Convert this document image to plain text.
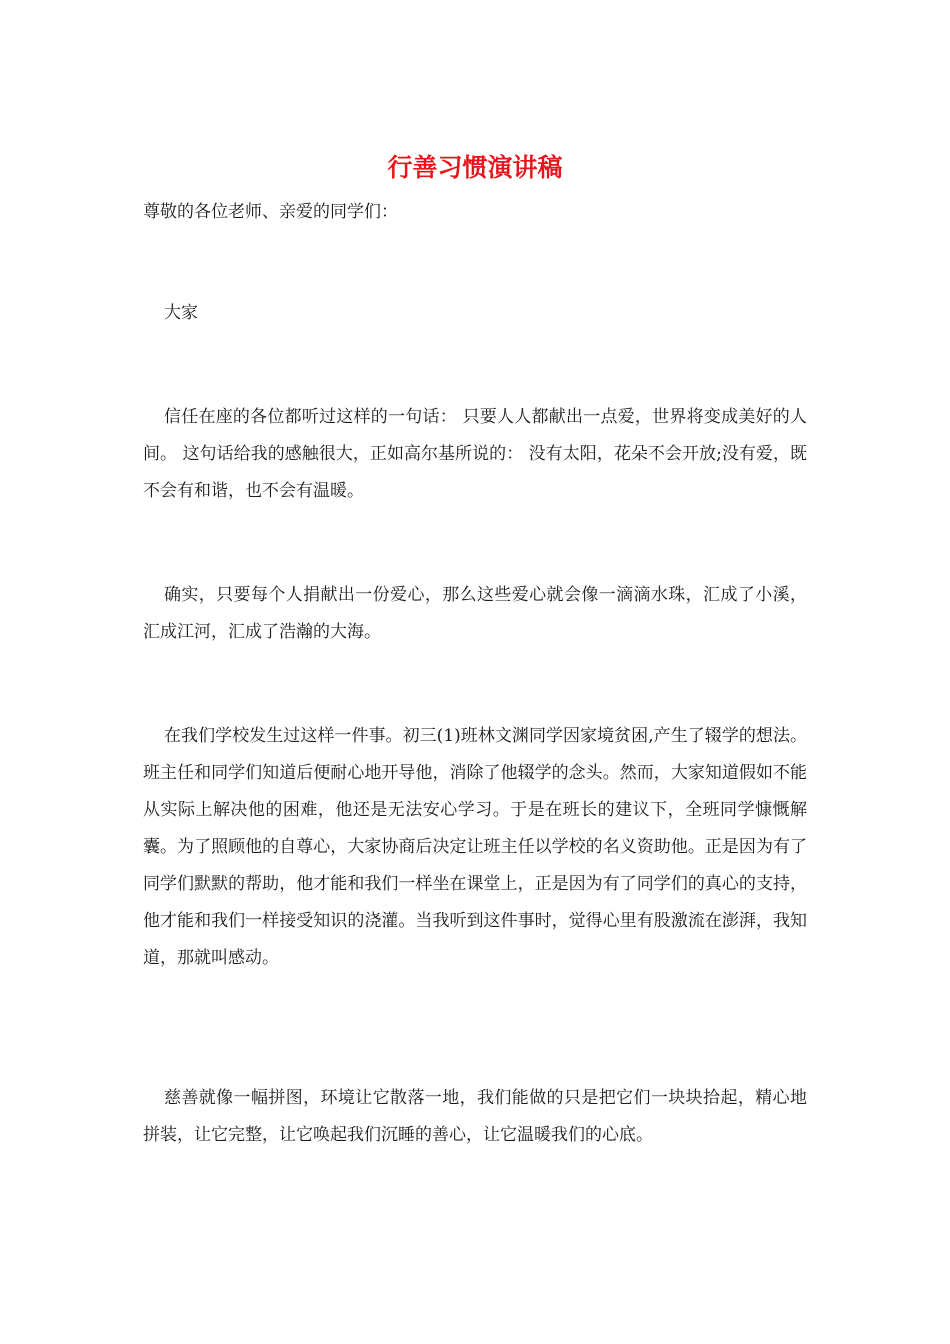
行善习惯演讲稿
尊敬的各位老师、亲爱的同学们：

大家

信任在座的各位都听过这样的一句话： 只要人人都献出一点爱，世界将变成美好的人间。 这句话给我的感触很大，正如高尔基所说的： 没有太阳，花朵不会开放;没有爱，既不会有和谐，也不会有温暖。

确实，只要每个人捐献出一份爱心，那么这些爱心就会像一滴滴水珠，汇成了小溪，汇成江河，汇成了浩瀚的大海。

在我们学校发生过这样一件事。初三(1)班林文渊同学因家境贫困,产生了辍学的想法。班主任和同学们知道后便耐心地开导他，消除了他辍学的念头。然而，大家知道假如不能从实际上解决他的困难，他还是无法安心学习。于是在班长的建议下，全班同学慷慨解囊。为了照顾他的自尊心，大家协商后决定让班主任以学校的名义资助他。正是因为有了同学们默默的帮助，他才能和我们一样坐在课堂上，正是因为有了同学们的真心的支持，他才能和我们一样接受知识的浇灌。当我听到这件事时，觉得心里有股激流在澎湃，我知道，那就叫感动。

慈善就像一幅拼图，环境让它散落一地，我们能做的只是把它们一块块拾起，精心地拼装，让它完整，让它唤起我们沉睡的善心，让它温暖我们的心底。
